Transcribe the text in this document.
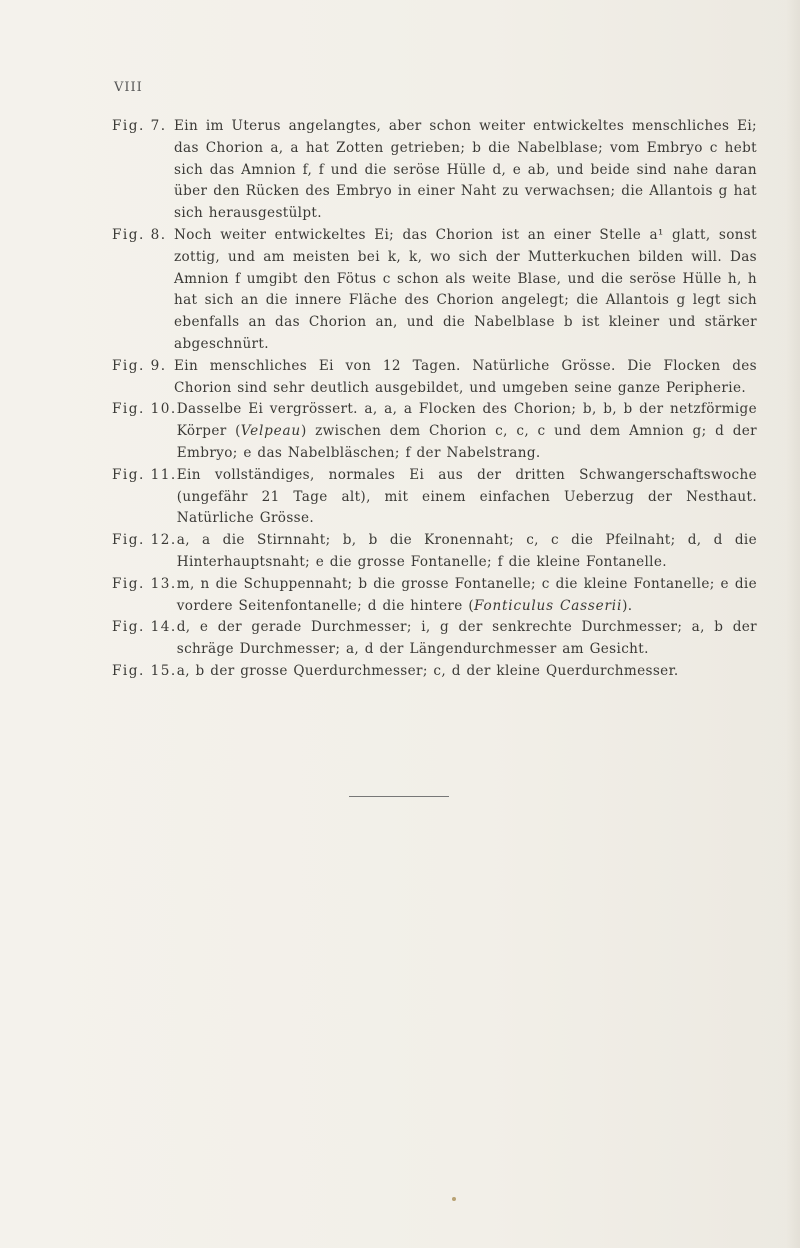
VIII
Fig. 7. Ein im Uterus angelangtes, aber schon weiter entwickeltes menschliches Ei; das Chorion a, a hat Zotten getrieben; b die Nabelblase; vom Embryo c hebt sich das Amnion f, f und die seröse Hülle d, e ab, und beide sind nahe daran über den Rücken des Embryo in einer Naht zu verwachsen; die Allantois g hat sich herausgestülpt.
Fig. 8. Noch weiter entwickeltes Ei; das Chorion ist an einer Stelle a¹ glatt, sonst zottig, und am meisten bei k, k, wo sich der Mutterkuchen bilden will. Das Amnion f umgibt den Fötus c schon als weite Blase, und die seröse Hülle h, h hat sich an die innere Fläche des Chorion angelegt; die Allantois g legt sich ebenfalls an das Chorion an, und die Nabelblase b ist kleiner und stärker abgeschnürt.
Fig. 9. Ein menschliches Ei von 12 Tagen. Natürliche Grösse. Die Flocken des Chorion sind sehr deutlich ausgebildet, und umgeben seine ganze Peripherie.
Fig. 10. Dasselbe Ei vergrössert. a, a, a Flocken des Chorion; b, b, b der netzförmige Körper (Velpeau) zwischen dem Chorion c, c, c und dem Amnion g; d der Embryo; e das Nabelbläschen; f der Nabelstrang.
Fig. 11. Ein vollständiges, normales Ei aus der dritten Schwangerschaftswoche (ungefähr 21 Tage alt), mit einem einfachen Ueberzug der Nesthaut. Natürliche Grösse.
Fig. 12. a, a die Stirnnaht; b, b die Kronennaht; c, c die Pfeilnaht; d, d die Hinterhauptsnaht; e die grosse Fontanelle; f die kleine Fontanelle.
Fig. 13. m, n die Schuppennaht; b die grosse Fontanelle; c die kleine Fontanelle; e die vordere Seitenfontanelle; d die hintere (Fonticulus Casserii).
Fig. 14. d, e der gerade Durchmesser; i, g der senkrechte Durchmesser; a, b der schräge Durchmesser; a, d der Längendurchmesser am Gesicht.
Fig. 15. a, b der grosse Querdurchmesser; c, d der kleine Querdurchmesser.
